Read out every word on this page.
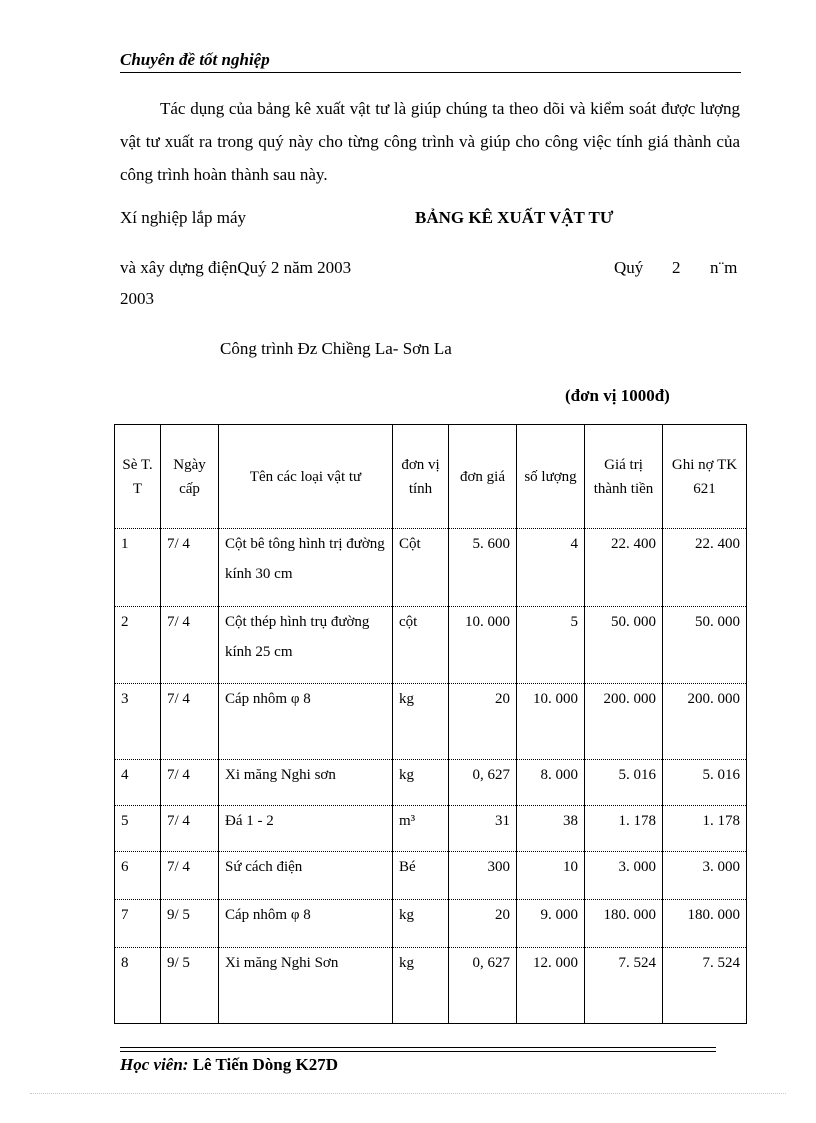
Chuyên đề tốt nghiệp
Tác dụng của bảng kê xuất vật tư là giúp chúng ta theo dõi và kiểm soát được lượng vật tư xuất ra trong quý này cho từng công trình và giúp cho công việc tính giá thành của công trình hoàn thành sau này.
Xí nghiệp lắp máy	BẢNG KÊ XUẤT VẬT TƯ
và xây dựng điệnQuý 2 năm 2003	Quý 2 n¨m
2003
Công trình Đz Chiềng La- Sơn La
(đơn vị 1000đ)
Sè T. T	Ngày cấp	Tên các loại vật tư	đơn vị tính	đơn giá	số lượng	Giá trị thành tiền	Ghi nợ TK 621
1	7/ 4	Cột bê tông hình trị đường kính 30 cm	Cột	5. 600	4	22. 400	22. 400
2	7/ 4	Cột thép hình trụ đường kính 25 cm	cột	10. 000	5	50. 000	50. 000
3	7/ 4	Cáp nhôm φ 8	kg	20	10. 000	200. 000	200. 000
4	7/ 4	Xi măng Nghi sơn	kg	0, 627	8. 000	5. 016	5. 016
5	7/ 4	Đá 1 - 2	m³	31	38	1. 178	1. 178
6	7/ 4	Sứ cách điện	Bé	300	10	3. 000	3. 000
7	9/ 5	Cáp nhôm φ 8	kg	20	9. 000	180. 000	180. 000
8	9/ 5	Xi măng Nghi Sơn	kg	0, 627	12. 000	7. 524	7. 524
Học viên: Lê Tiến Dòng K27D
